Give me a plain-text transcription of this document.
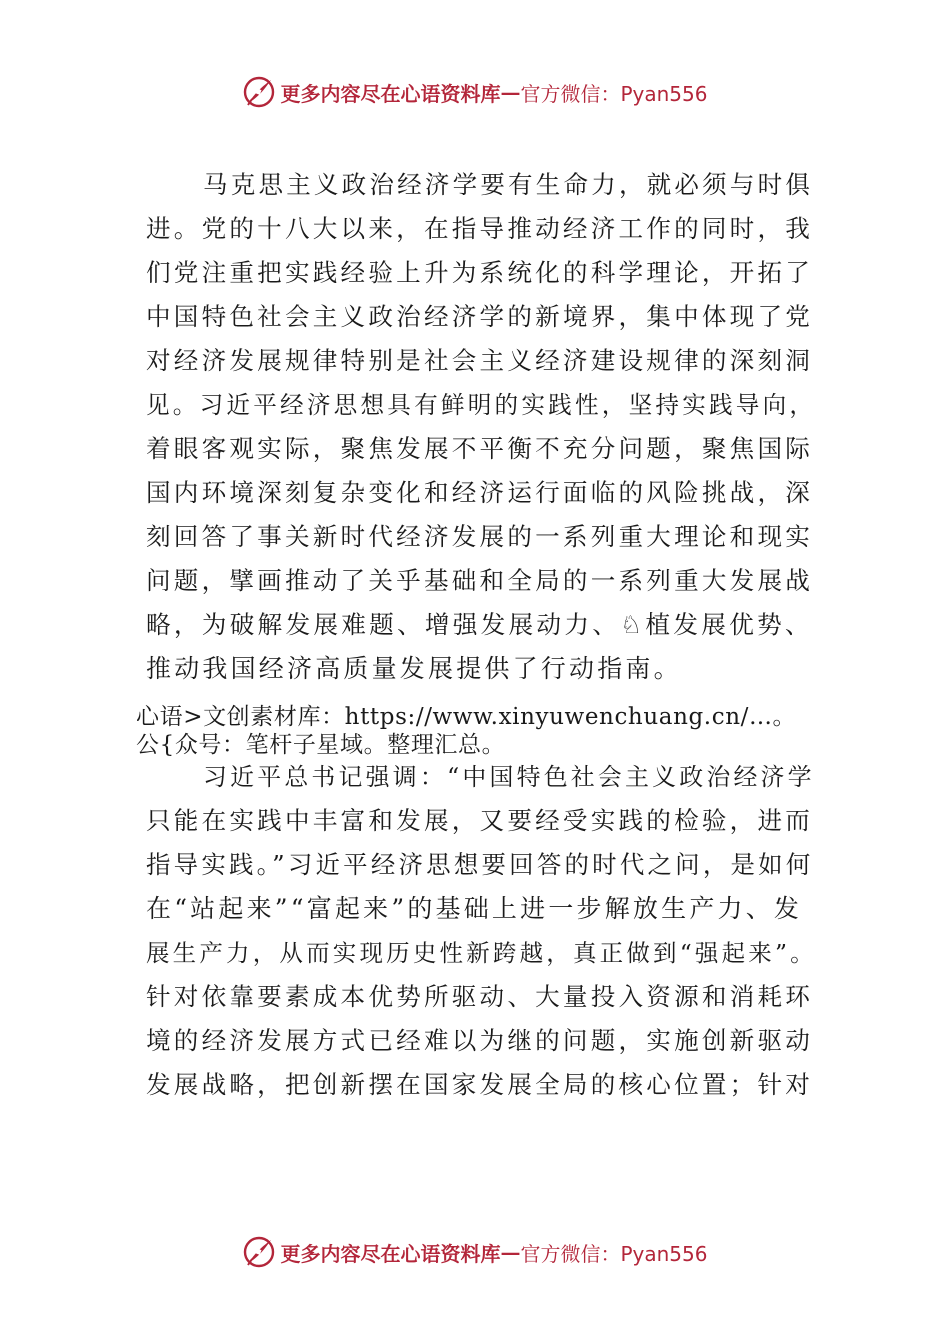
更多内容尽在心语资料库 — 官方微信：Pyan556
马克思主义政治经济学要有生命力，就必须与时俱
进。党的十八大以来，在指导推动经济工作的同时，我
们党注重把实践经验上升为系统化的科学理论，开拓了
中国特色社会主义政治经济学的新境界，集中体现了党
对经济发展规律特别是社会主义经济建设规律的深刻洞
见。习近平经济思想具有鲜明的实践性，坚持实践导向，
着眼客观实际，聚焦发展不平衡不充分问题，聚焦国际
国内环境深刻复杂变化和经济运行面临的风险挑战，深
刻回答了事关新时代经济发展的一系列重大理论和现实
问题，擘画推动了关乎基础和全局的一系列重大发展战
略，为破解发展难题、增强发展动力、♘植发展优势、
推动我国经济高质量发展提供了行动指南。
心语>文创素材库：https://www.xinyuwenchuang.cn/…。
公{众号：笔杆子星域。整理汇总。
习近平总书记强调：“中国特色社会主义政治经济学
只能在实践中丰富和发展，又要经受实践的检验，进而
指导实践。”习近平经济思想要回答的时代之问，是如何
在“站起来”“富起来”的基础上进一步解放生产力、发
展生产力，从而实现历史性新跨越，真正做到“强起来”。
针对依靠要素成本优势所驱动、大量投入资源和消耗环
境的经济发展方式已经难以为继的问题，实施创新驱动
发展战略，把创新摆在国家发展全局的核心位置；针对
更多内容尽在心语资料库 — 官方微信：Pyan556
